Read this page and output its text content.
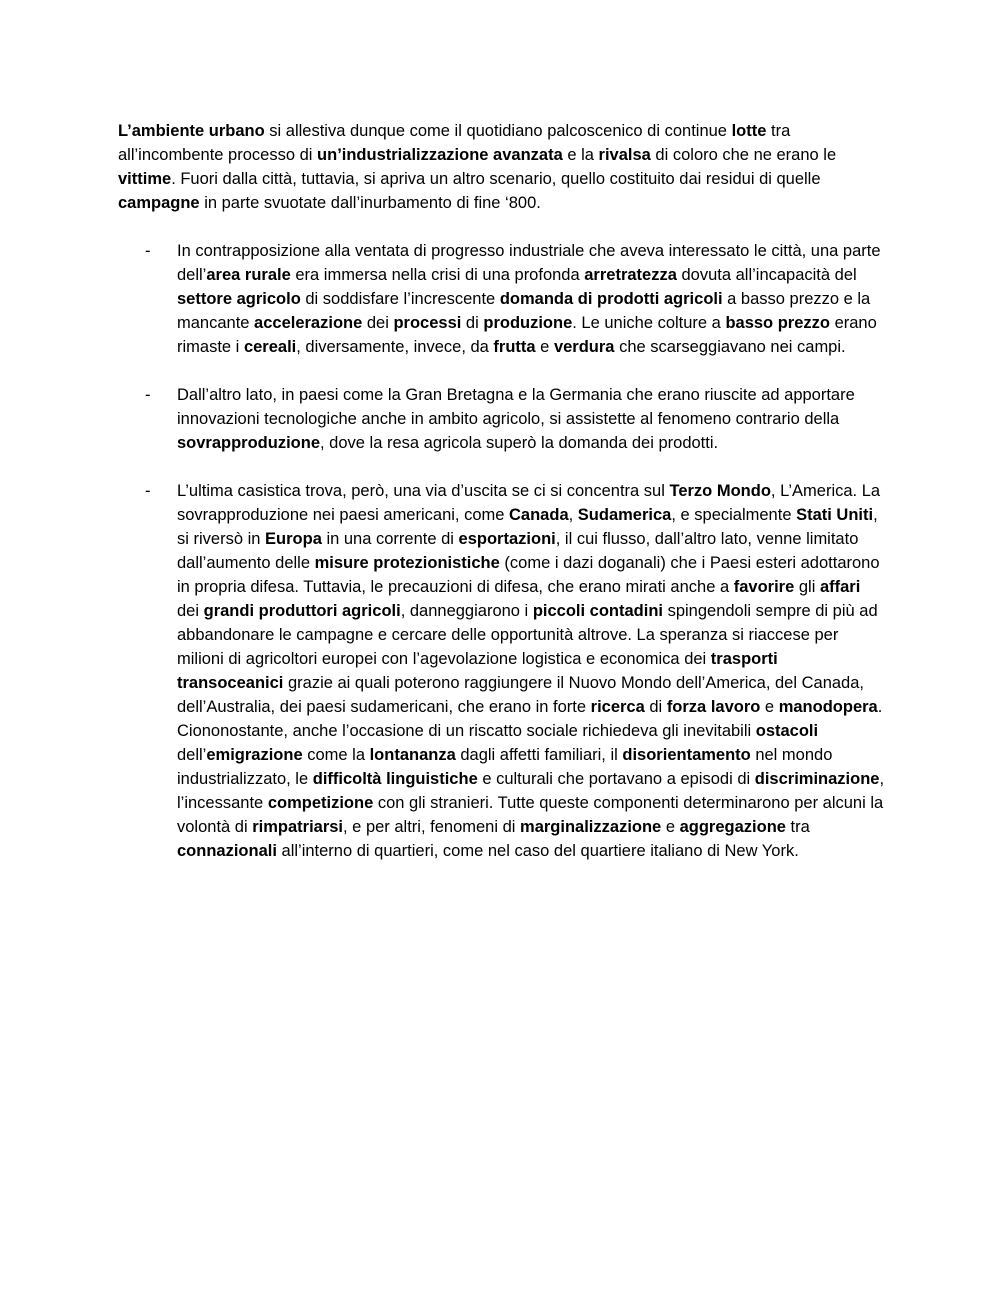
L’ambiente urbano si allestiva dunque come il quotidiano palcoscenico di continue lotte tra all’incombente processo di un’industrializzazione avanzata e la rivalsa di coloro che ne erano le vittime. Fuori dalla città, tuttavia, si apriva un altro scenario, quello costituito dai residui di quelle campagne in parte svuotate dall’inurbamento di fine ‘800.

- In contrapposizione alla ventata di progresso industriale che aveva interessato le città, una parte dell’area rurale era immersa nella crisi di una profonda arretratezza dovuta all’incapacità del settore agricolo di soddisfare l’increscente domanda di prodotti agricoli a basso prezzo e la mancante accelerazione dei processi di produzione. Le uniche colture a basso prezzo erano rimaste i cereali, diversamente, invece, da frutta e verdura che scarseggiavano nei campi.
- Dall’altro lato, in paesi come la Gran Bretagna e la Germania che erano riuscite ad apportare innovazioni tecnologiche anche in ambito agricolo, si assistette al fenomeno contrario della sovrapproduzione, dove la resa agricola superò la domanda dei prodotti.
- L’ultima casistica trova, però, una via d’uscita se ci si concentra sul Terzo Mondo, L’America. La sovrapproduzione nei paesi americani, come Canada, Sudamerica, e specialmente Stati Uniti, si riversò in Europa in una corrente di esportazioni, il cui flusso, dall’altro lato, venne limitato dall’aumento delle misure protezionistiche (come i dazi doganali) che i Paesi esteri adottarono in propria difesa. Tuttavia, le precauzioni di difesa, che erano mirati anche a favorire gli affari dei grandi produttori agricoli, danneggiarono i piccoli contadini spingendoli sempre di più ad abbandonare le campagne e cercare delle opportunità altrove. La speranza si riaccese per milioni di agricoltori europei con l’agevolazione logistica e economica dei trasporti transoceanici grazie ai quali poterono raggiungere il Nuovo Mondo dell’America, del Canada, dell’Australia, dei paesi sudamericani, che erano in forte ricerca di forza lavoro e manodopera. Ciononostante, anche l’occasione di un riscatto sociale richiedeva gli inevitabili ostacoli dell’emigrazione come la lontananza dagli affetti familiari, il disorientamento nel mondo industrializzato, le difficoltà linguistiche e culturali che portavano a episodi di discriminazione, l’incessante competizione con gli stranieri. Tutte queste componenti determinarono per alcuni la volontà di rimpatriarsi, e per altri, fenomeni di marginalizzazione e aggregazione tra connazionali all’interno di quartieri, come nel caso del quartiere italiano di New York.
